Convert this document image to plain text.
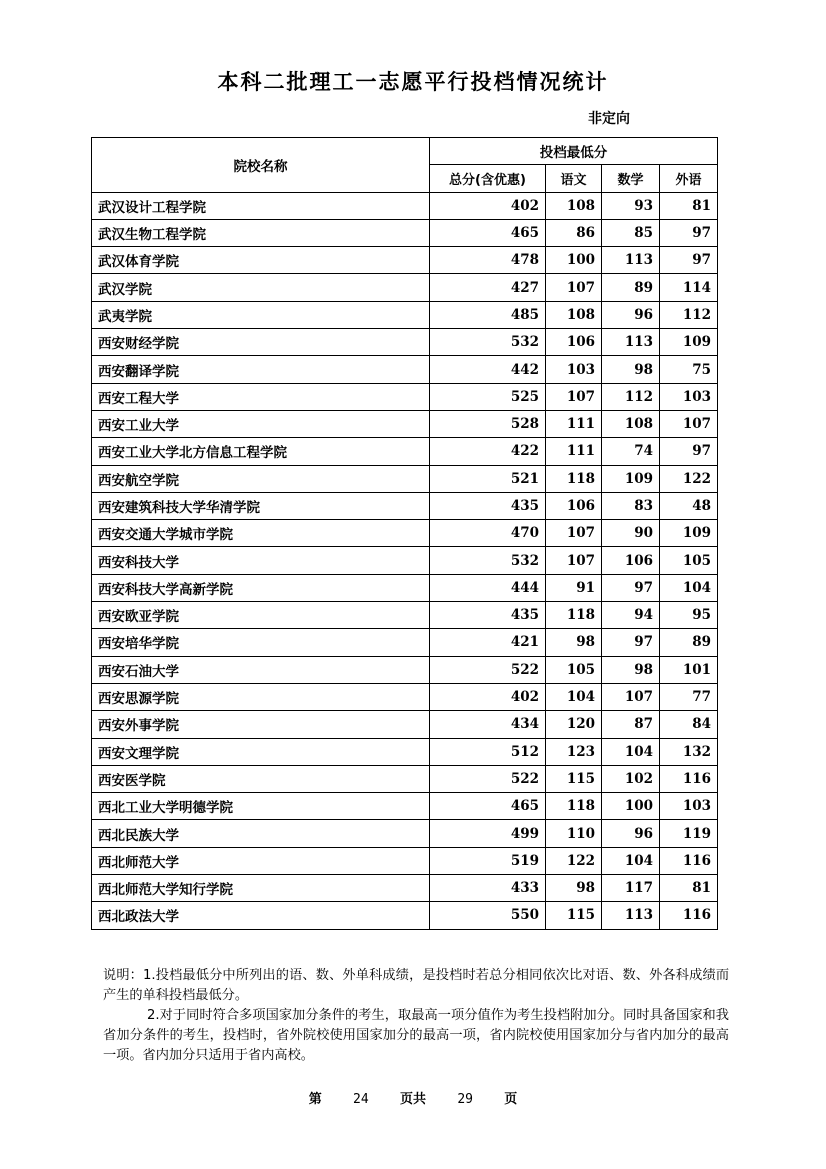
本科二批理工一志愿平行投档情况统计
非定向
院校名称	投档最低分			
	总分(含优惠)	语文	数学	外语
武汉设计工程学院	402	108	93	81
武汉生物工程学院	465	86	85	97
武汉体育学院	478	100	113	97
武汉学院	427	107	89	114
武夷学院	485	108	96	112
西安财经学院	532	106	113	109
西安翻译学院	442	103	98	75
西安工程大学	525	107	112	103
西安工业大学	528	111	108	107
西安工业大学北方信息工程学院	422	111	74	97
西安航空学院	521	118	109	122
西安建筑科技大学华清学院	435	106	83	48
西安交通大学城市学院	470	107	90	109
西安科技大学	532	107	106	105
西安科技大学高新学院	444	91	97	104
西安欧亚学院	435	118	94	95
西安培华学院	421	98	97	89
西安石油大学	522	105	98	101
西安思源学院	402	104	107	77
西安外事学院	434	120	87	84
西安文理学院	512	123	104	132
西安医学院	522	115	102	116
西北工业大学明德学院	465	118	100	103
西北民族大学	499	110	96	119
西北师范大学	519	122	104	116
西北师范大学知行学院	433	98	117	81
西北政法大学	550	115	113	116

说明：1.投档最低分中所列出的语、数、外单科成绩，是投档时若总分相同依次比对语、数、外各科成绩而产生的单科投档最低分。

2.对于同时符合多项国家加分条件的考生，取最高一项分值作为考生投档附加分。同时具备国家和我省加分条件的考生，投档时，省外院校使用国家加分的最高一项，省内院校使用国家加分与省内加分的最高一项。省内加分只适用于省内高校。

第 24 页共 29 页
